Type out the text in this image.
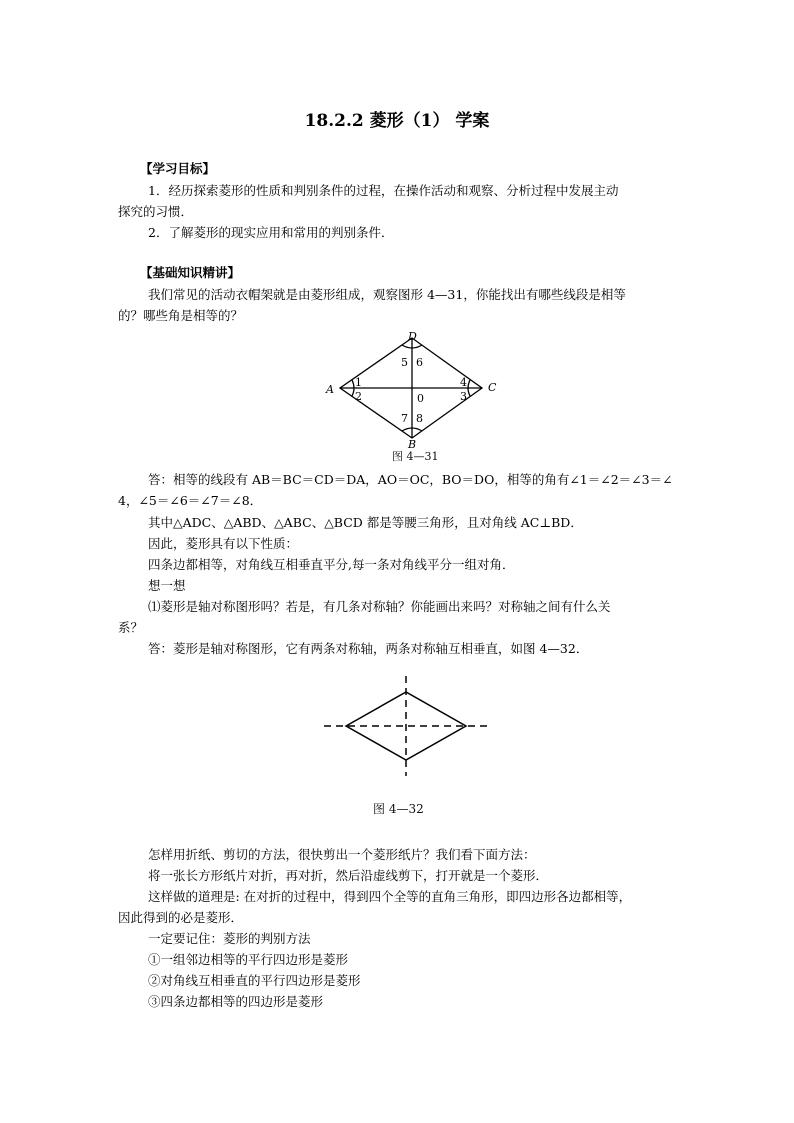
18.2.2 菱形（1） 学案
【学习目标】
1．经历探索菱形的性质和判别条件的过程，在操作活动和观察、分析过程中发展主动
探究的习惯．
2．了解菱形的现实应用和常用的判别条件．
【基础知识精讲】
我们常见的活动衣帽架就是由菱形组成，观察图形 4—31，你能找出有哪些线段是相等
的？哪些角是相等的？
A	C
D
B
0
1
2	3
4
5 6
7 8
图 4—31
答：相等的线段有 AB＝BC＝CD＝DA，AO＝OC，BO＝DO，相等的角有∠1＝∠2＝∠3＝∠
4，∠5＝∠6＝∠7＝∠8．
其中△ADC、△ABD、△ABC、△BCD 都是等腰三角形，且对角线 AC⊥BD．
因此，菱形具有以下性质：
四条边都相等，对角线互相垂直平分,每一条对角线平分一组对角．
想一想
⑴菱形是轴对称图形吗？若是，有几条对称轴？你能画出来吗？对称轴之间有什么关
系？
答：菱形是轴对称图形，它有两条对称轴，两条对称轴互相垂直，如图 4—32．
图 4—32
怎样用折纸、剪切的方法，很快剪出一个菱形纸片？我们看下面方法：
将一张长方形纸片对折，再对折，然后沿虚线剪下，打开就是一个菱形．
这样做的道理是: 在对折的过程中，得到四个全等的直角三角形，即四边形各边都相等，
因此得到的必是菱形．
一定要记住：菱形的判别方法
①一组邻边相等的平行四边形是菱形
②对角线互相垂直的平行四边形是菱形
③四条边都相等的四边形是菱形
